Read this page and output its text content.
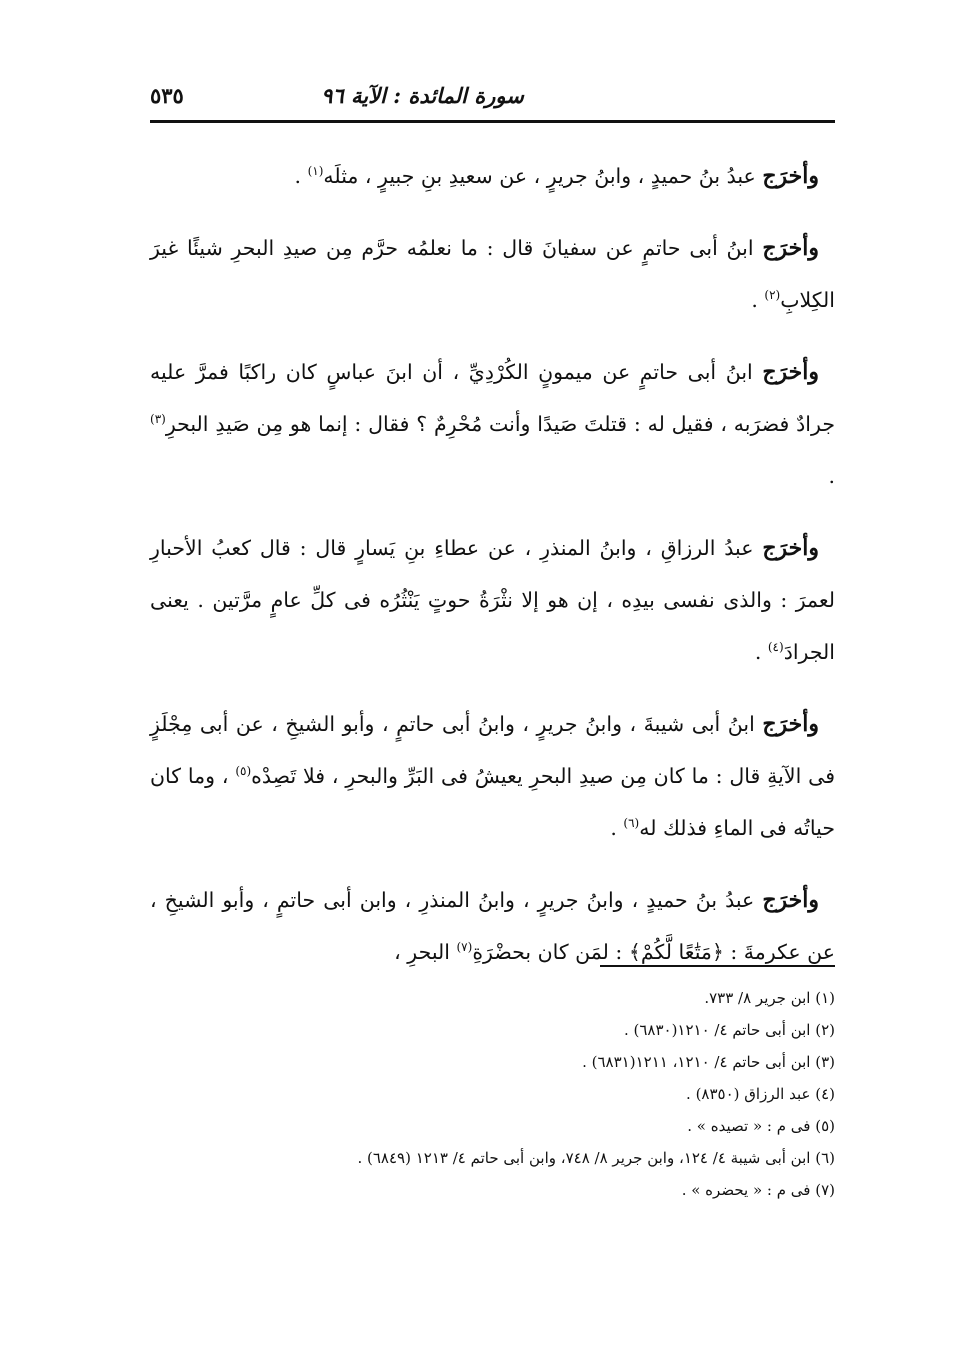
سورة المائدة : الآية ٩٦
٥٣٥

وأخرَج عبدُ بنُ حميدٍ ، وابنُ جريرٍ ، عن سعيدِ بنِ جبيرٍ ، مثلَه$^{(١)}$ .

وأخرَج ابنُ أبى حاتمٍ عن سفيانَ قال : ما نعلمُه حرَّم مِن صيدِ البحرِ شيئًا غيرَ الكِلابِ$^{(٢)}$ .

وأخرَج ابنُ أبى حاتمٍ عن ميمونٍ الكُرْدِيِّ ، أن ابنَ عباسٍ كان راكبًا فمرَّ عليه جرادٌ فضرَبه ، فقيل له : قتلتَ صَيدًا وأنت مُحْرِمٌ ؟ فقال : إنما هو مِن صَيدِ البحرِ$^{(٣)}$ .

وأخرَج عبدُ الرزاقِ ، وابنُ المنذرِ ، عن عطاءِ بنِ يَسارٍ قال : قال كعبُ الأحبارِ لعمرَ : والذى نفسى بيدِه ، إن هو إلا نثْرَةُ حوتٍ يَنْثُرُه فى كلِّ عامٍ مرَّتين . يعنى الجرادَ$^{(٤)}$ .

وأخرَج ابنُ أبى شيبةَ ، وابنُ جريرٍ ، وابنُ أبى حاتمٍ ، وأبو الشيخِ ، عن أبى مِجْلَزٍ فى الآيةِ قال : ما كان مِن صيدِ البحرِ يعيشُ فى البَرِّ والبحرِ ، فلا تَصِدْه$^{(٥)}$ ، وما كان حياتُه فى الماءِ فذلك له$^{(٦)}$ .

وأخرَج عبدُ بنُ حميدٍ ، وابنُ جريرٍ ، وابنُ المنذرِ ، وابن أبى حاتمٍ ، وأبو الشيخِ ، عن عكرمةَ : ﴿مَتَٰعًا لَّكُمْ﴾ : لمَن كان بحضْرَةِ$^{(٧)}$ البحرِ ،

(١) ابن جرير ٨/ ٧٣٣.
(٢) ابن أبى حاتم ٤/ ١٢١٠(٦٨٣٠) .
(٣) ابن أبى حاتم ٤/ ١٢١٠، ١٢١١(٦٨٣١) .
(٤) عبد الرزاق (٨٣٥٠) .
(٥) فى م : « تصيده » .
(٦) ابن أبى شيبة ٤/ ١٢٤، وابن جرير ٨/ ٧٤٨، وابن أبى حاتم ٤/ ١٢١٣ (٦٨٤٩) .
(٧) فى م : « يحضره » .
